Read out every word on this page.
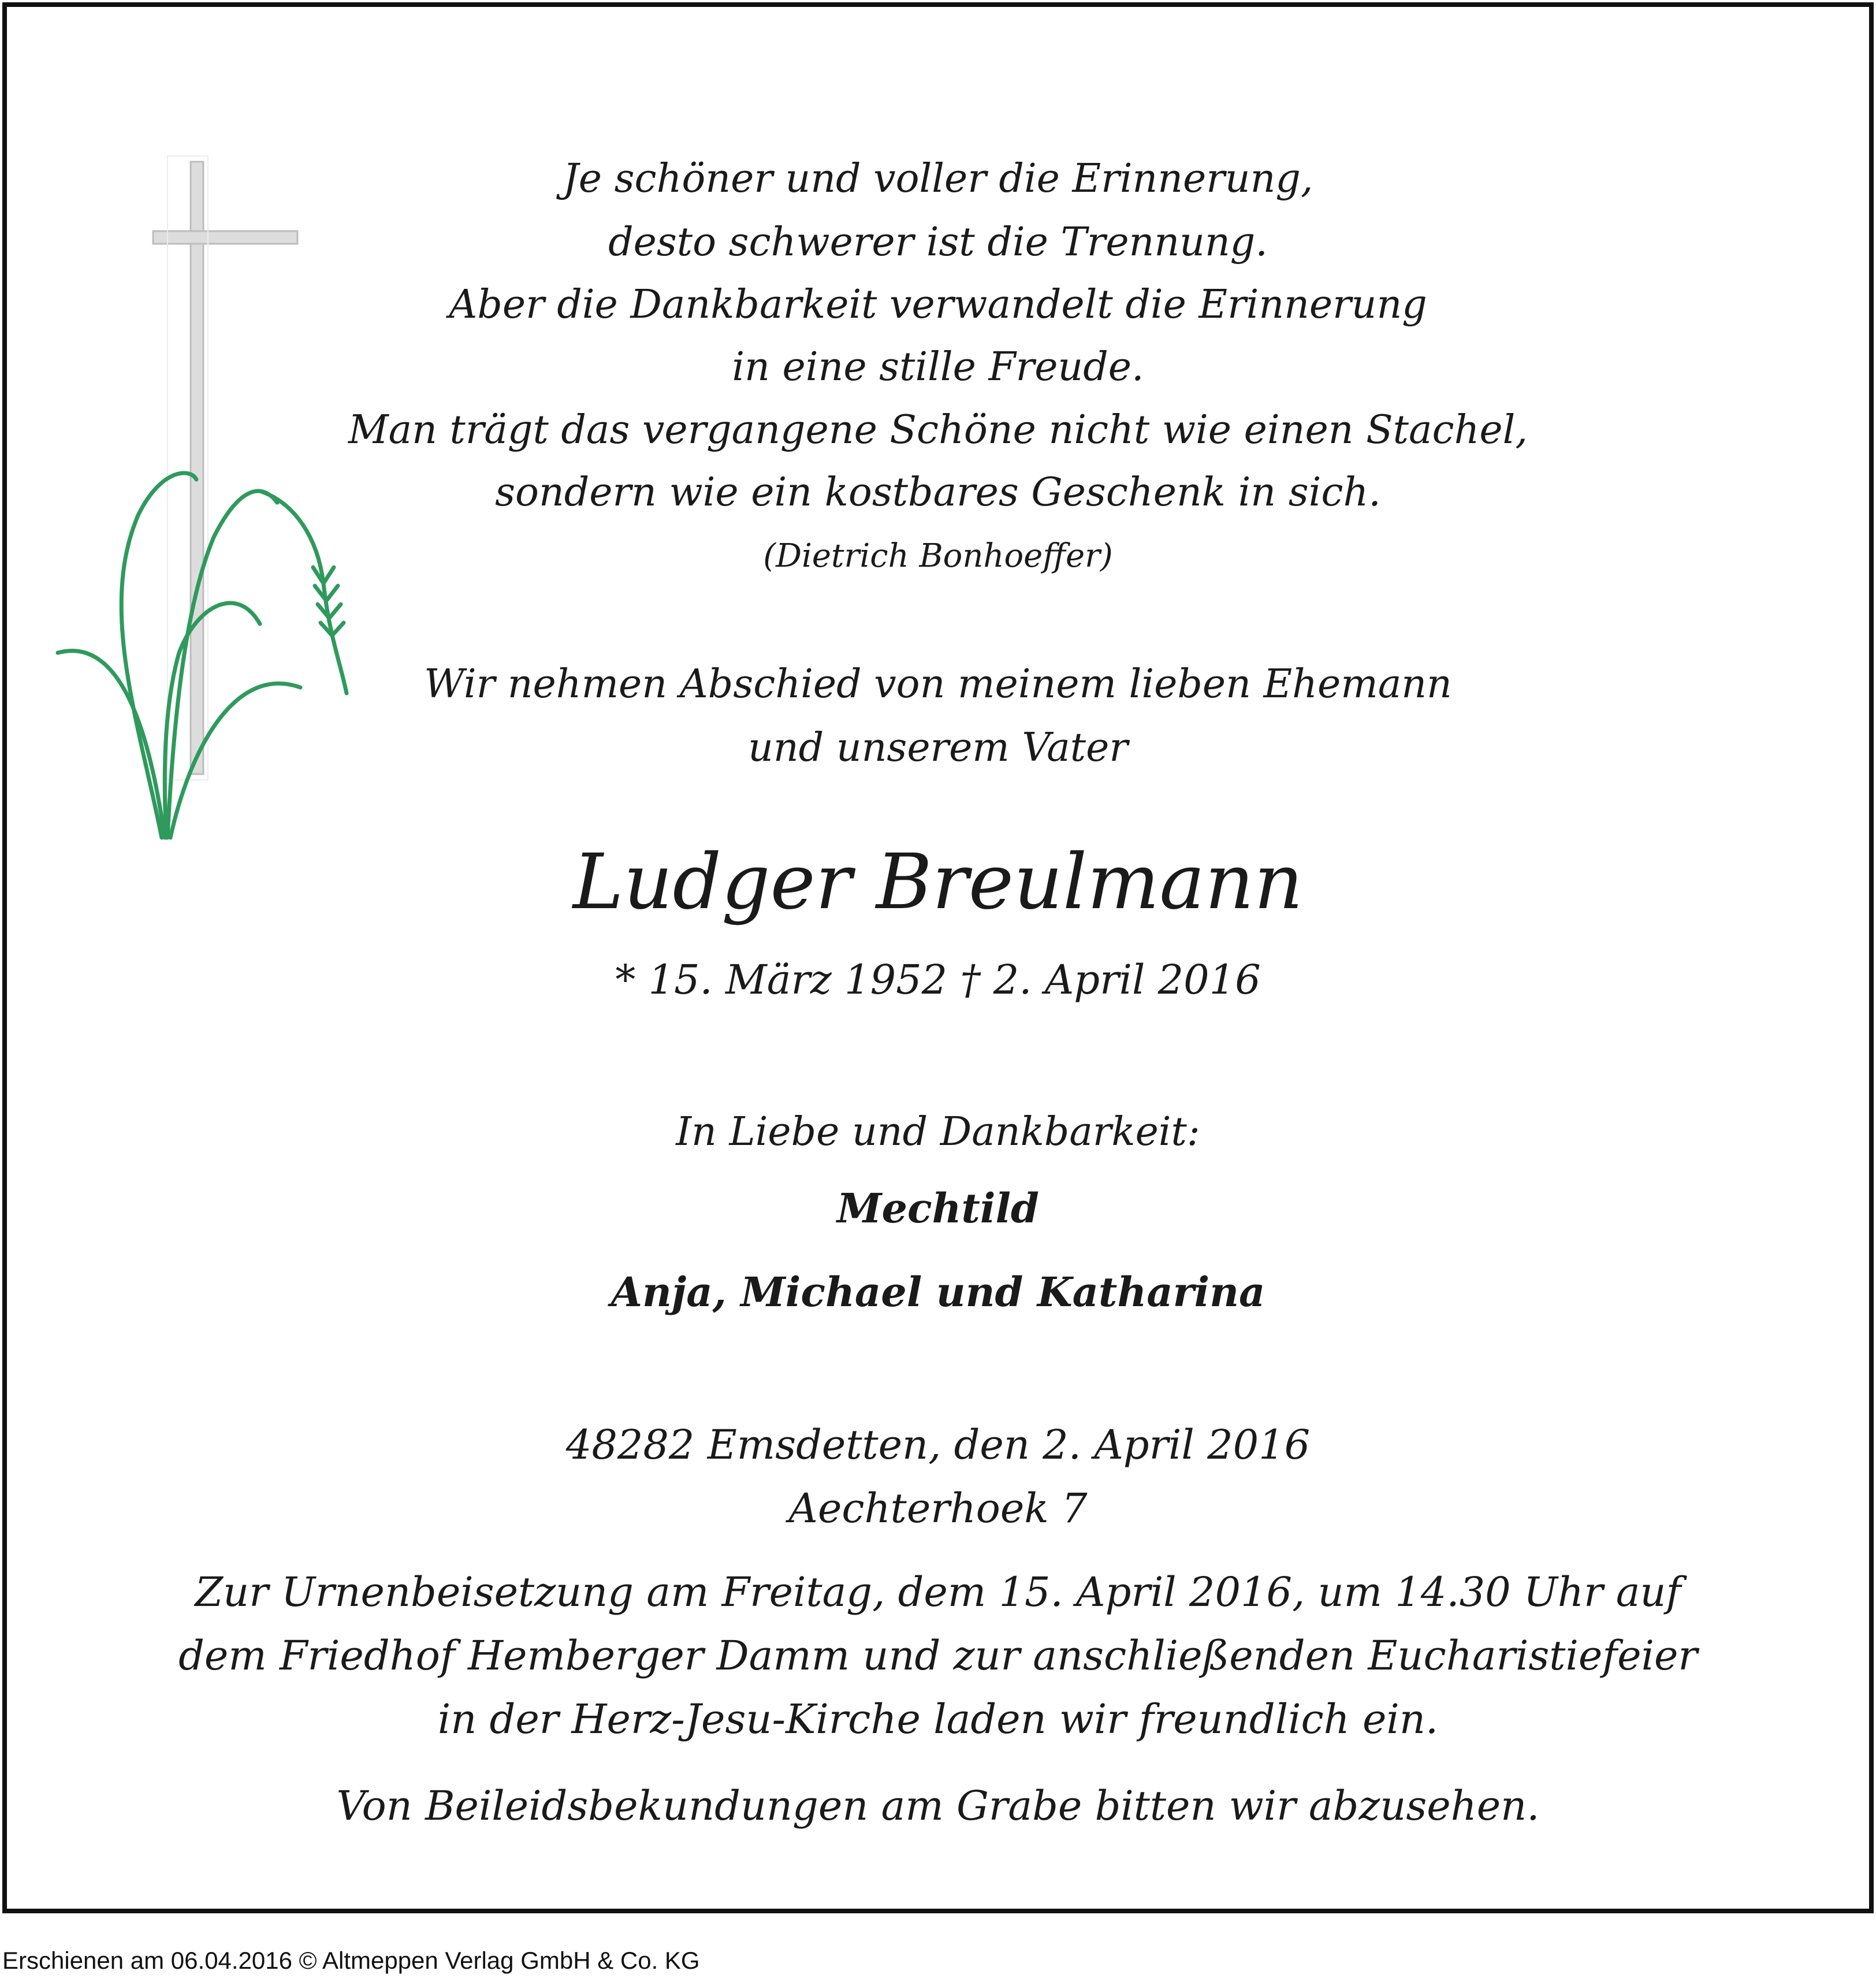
Je schöner und voller die Erinnerung,
desto schwerer ist die Trennung.
Aber die Dankbarkeit verwandelt die Erinnerung
in eine stille Freude.
Man trägt das vergangene Schöne nicht wie einen Stachel,
sondern wie ein kostbares Geschenk in sich.
(Dietrich Bonhoeffer)
Wir nehmen Abschied von meinem lieben Ehemann
und unserem Vater
Ludger Breulmann
* 15. März 1952 † 2. April 2016
In Liebe und Dankbarkeit:
Mechtild
Anja, Michael und Katharina
48282 Emsdetten, den 2. April 2016
Aechterhoek 7
Zur Urnenbeisetzung am Freitag, dem 15. April 2016, um 14.30 Uhr auf
dem Friedhof Hemberger Damm und zur anschließenden Eucharistiefeier
in der Herz-Jesu-Kirche laden wir freundlich ein.
Von Beileidsbekundungen am Grabe bitten wir abzusehen.
Erschienen am 06.04.2016 © Altmeppen Verlag GmbH & Co. KG
